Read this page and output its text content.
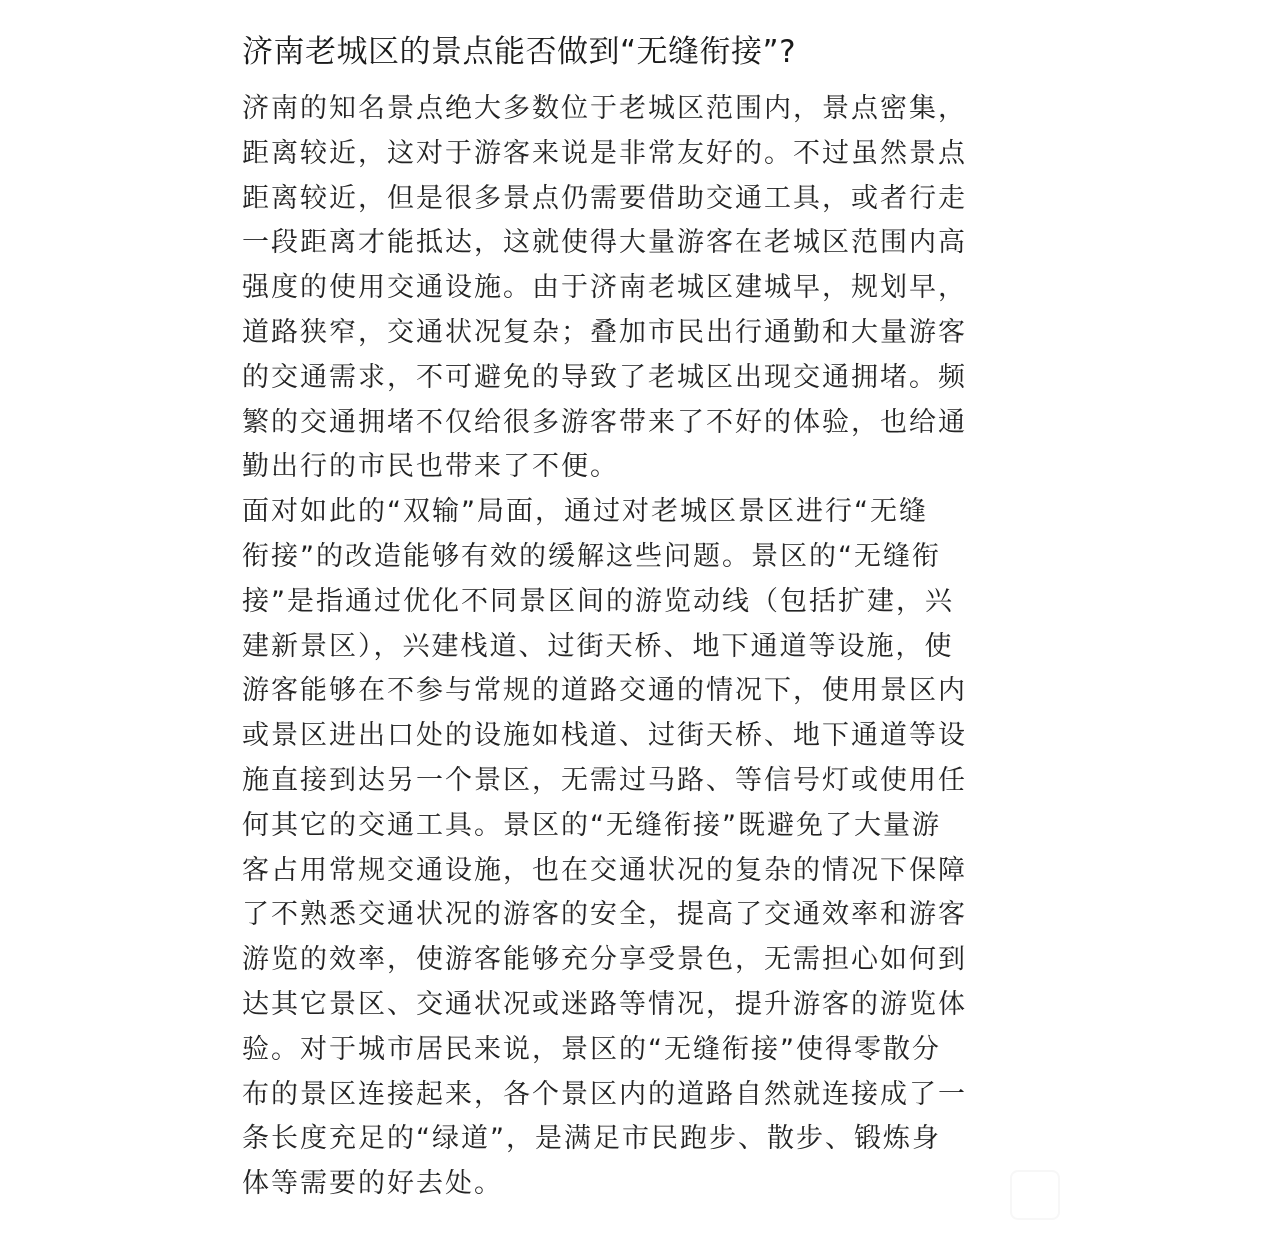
济南老城区的景点能否做到“无缝衔接”?

济南的知名景点绝大多数位于老城区范围内，景点密集，
距离较近，这对于游客来说是非常友好的。不过虽然景点
距离较近，但是很多景点仍需要借助交通工具，或者行走
一段距离才能抵达，这就使得大量游客在老城区范围内高
强度的使用交通设施。由于济南老城区建城早，规划早，
道路狭窄，交通状况复杂；叠加市民出行通勤和大量游客
的交通需求，不可避免的导致了老城区出现交通拥堵。频
繁的交通拥堵不仅给很多游客带来了不好的体验，也给通
勤出行的市民也带来了不便。

面对如此的“双输”局面，通过对老城区景区进行“无缝
衔接”的改造能够有效的缓解这些问题。景区的“无缝衔
接”是指通过优化不同景区间的游览动线（包括扩建，兴
建新景区），兴建栈道、过街天桥、地下通道等设施，使
游客能够在不参与常规的道路交通的情况下，使用景区内
或景区进出口处的设施如栈道、过街天桥、地下通道等设
施直接到达另一个景区，无需过马路、等信号灯或使用任
何其它的交通工具。景区的“无缝衔接”既避免了大量游
客占用常规交通设施，也在交通状况的复杂的情况下保障
了不熟悉交通状况的游客的安全，提高了交通效率和游客
游览的效率，使游客能够充分享受景色，无需担心如何到
达其它景区、交通状况或迷路等情况，提升游客的游览体
验。对于城市居民来说，景区的“无缝衔接”使得零散分
布的景区连接起来，各个景区内的道路自然就连接成了一
条长度充足的“绿道”，是满足市民跑步、散步、锻炼身
体等需要的好去处。
